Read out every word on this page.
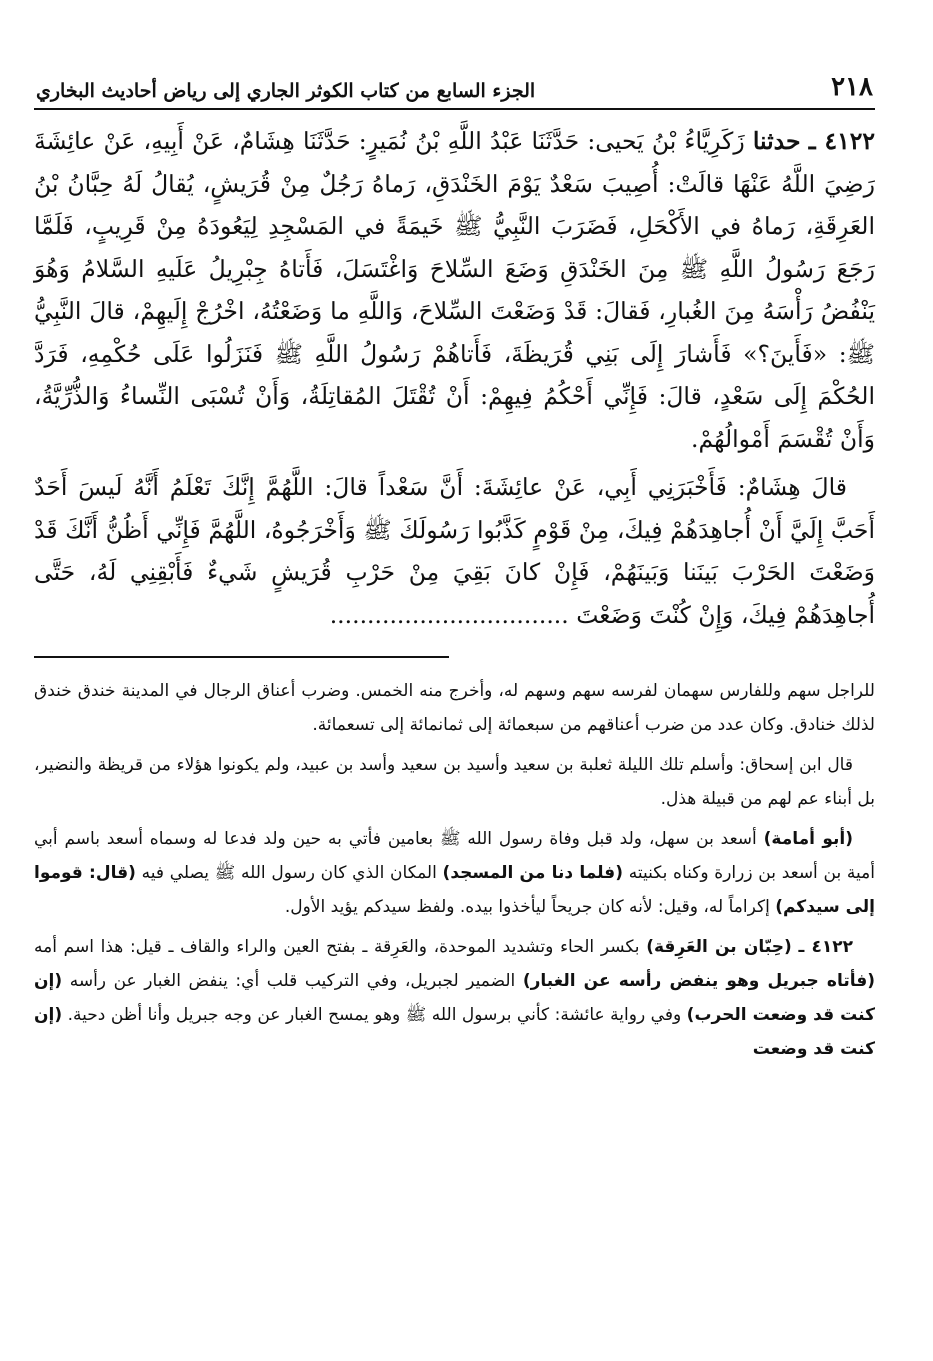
٢١٨
الجزء السابع من كتاب الكوثر الجاري إلى رياض أحاديث البخاري

٤١٢٢ ـ حدثنا زَكَرِيَّاءُ بْنُ يَحيى: حَدَّثَنَا عَبْدُ اللَّهِ بْنُ نُمَيرٍ: حَدَّثَنَا هِشَامٌ، عَنْ أَبِيهِ، عَنْ عائِشَةَ رَضِيَ اللَّهُ عَنْهَا قالَتْ: أُصِيبَ سَعْدٌ يَوْمَ الخَنْدَقِ، رَماهُ رَجُلٌ مِنْ قُرَيشٍ، يُقالُ لَهُ حِبَّانُ بْنُ العَرِقَةِ، رَماهُ في الأَكْحَلِ، فَضَرَبَ النَّبِيُّ ﷺ خَيمَةً في المَسْجِدِ لِيَعُودَهُ مِنْ قَرِيبٍ، فَلَمَّا رَجَعَ رَسُولُ اللَّهِ ﷺ مِنَ الخَنْدَقِ وَضَعَ السِّلاحَ وَاغْتَسَلَ، فَأَتاهُ جِبْرِيلُ عَلَيهِ السَّلامُ وَهُوَ يَنْفُضُ رَأْسَهُ مِنَ الغُبارِ، فَقالَ: قَدْ وَضَعْتَ السِّلاحَ، وَاللَّهِ ما وَضَعْتُهُ، اخْرُجْ إِلَيهِمْ، قالَ النَّبِيُّ ﷺ: «فَأَينَ؟» فَأَشارَ إِلَى بَنِي قُرَيظَةَ، فَأَتاهُمْ رَسُولُ اللَّهِ ﷺ فَنَزَلُوا عَلَى حُكْمِهِ، فَرَدَّ الحُكْمَ إِلَى سَعْدٍ، قالَ: فَإِنِّي أَحْكُمُ فِيهِمْ: أَنْ تُقْتَلَ المُقاتِلَةُ، وَأَنْ تُسْبَى النِّساءُ وَالذُّرِّيَّةُ، وَأَنْ تُقْسَمَ أَمْوالُهُمْ.

قالَ هِشَامٌ: فَأَخْبَرَنِي أَبِي، عَنْ عائِشَةَ: أَنَّ سَعْداً قالَ: اللَّهُمَّ إِنَّكَ تَعْلَمُ أَنَّهُ لَيسَ أَحَدٌ أَحَبَّ إِلَيَّ أَنْ أُجاهِدَهُمْ فِيكَ، مِنْ قَوْمٍ كَذَّبُوا رَسُولَكَ ﷺ وَأَخْرَجُوهُ، اللَّهُمَّ فَإِنِّي أَظُنُّ أَنَّكَ قَدْ وَضَعْتَ الحَرْبَ بَينَنا وَبَينَهُمْ، فَإِنْ كانَ بَقِيَ مِنْ حَرْبِ قُرَيشٍ شَيءٌ فَأَبْقِنِي لَهُ، حَتَّى أُجاهِدَهُمْ فِيكَ، وَإِنْ كُنْتَ وَضَعْتَ ................................

للراجل سهم وللفارس سهمان لفرسه سهم وسهم له، وأخرج منه الخمس. وضرب أعناق الرجال في المدينة خندق خندق لذلك خنادق. وكان عدد من ضرب أعناقهم من سبعمائة إلى ثمانمائة إلى تسعمائة.

قال ابن إسحاق: وأسلم تلك الليلة ثعلبة بن سعيد وأسيد بن سعيد وأسد بن عبيد، ولم يكونوا هؤلاء من قريظة والنضير، بل أبناء عم لهم من قبيلة هذل.

(أبو أمامة) أسعد بن سهل، ولد قبل وفاة رسول الله ﷺ بعامين فأتي به حين ولد فدعا له وسماه أسعد باسم أبي أمية بن أسعد بن زرارة وكناه بكنيته (فلما دنا من المسجد) المكان الذي كان رسول الله ﷺ يصلي فيه (قال: قوموا إلى سيدكم) إكراماً له، وقيل: لأنه كان جريحاً ليأخذوا بيده. ولفظ سيدكم يؤيد الأول.

٤١٢٢ ـ (حِبّان بن العَرِقة) بكسر الحاء وتشديد الموحدة، والعَرِقة ـ بفتح العين والراء والقاف ـ قيل: هذا اسم أمه (فأتاه جبريل وهو ينفض رأسه عن الغبار) الضمير لجبريل، وفي التركيب قلب أي: ينفض الغبار عن رأسه (إن كنت قد وضعت الحرب) وفي رواية عائشة: كأني برسول الله ﷺ وهو يمسح الغبار عن وجه جبريل وأنا أظن دحية. (إن كنت قد وضعت
